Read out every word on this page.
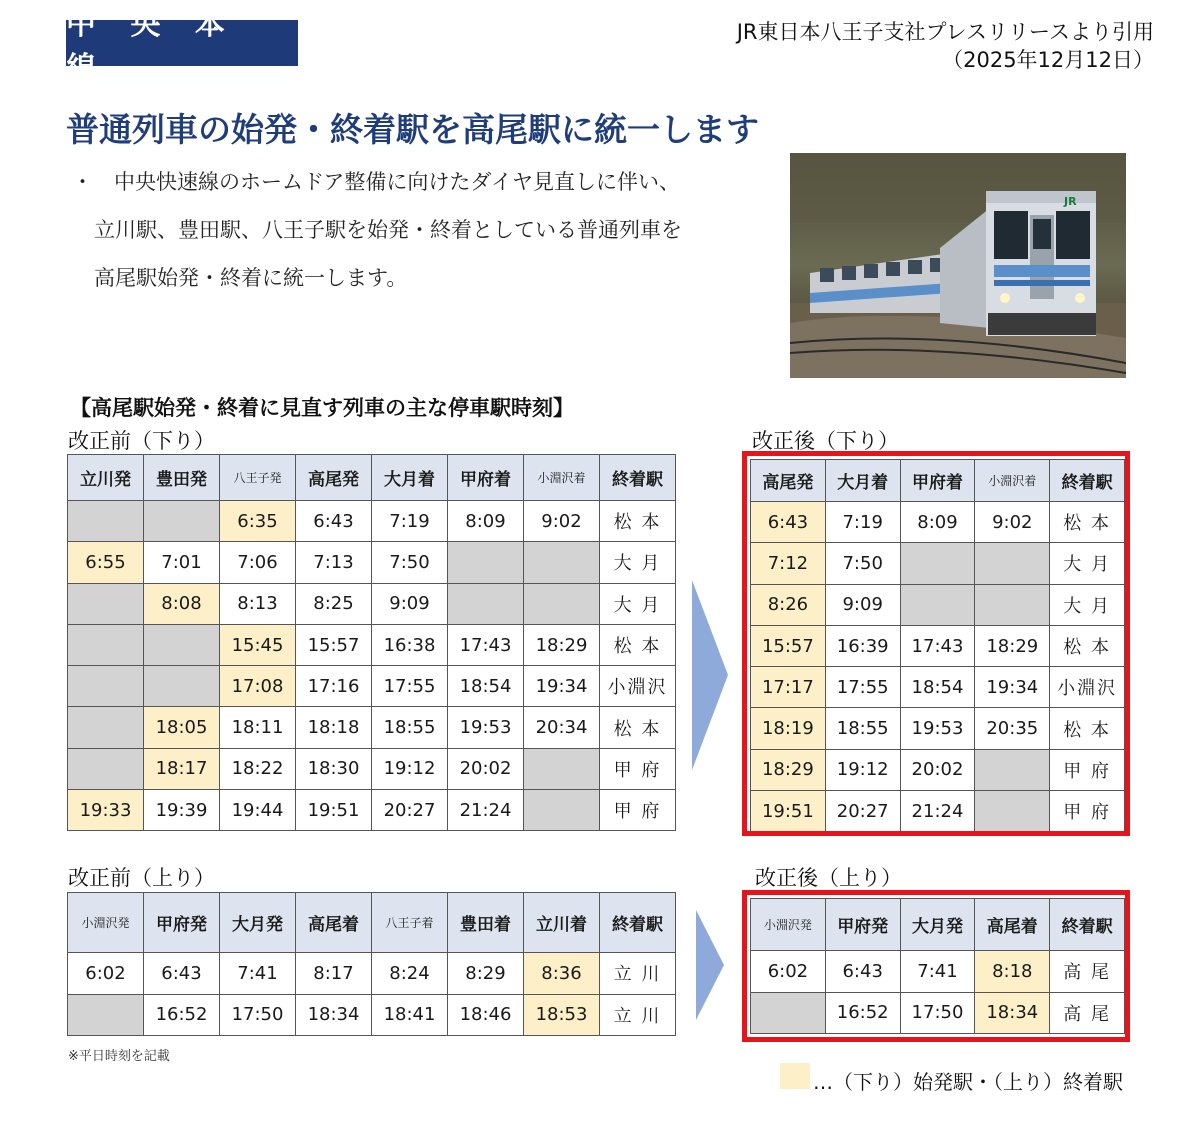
中 央 本 線
JR東日本八王子支社プレスリリースより引用
（2025年12月12日）
普通列車の始発・終着駅を高尾駅に統一します
・ 中央快速線のホームドア整備に向けたダイヤ見直しに伴い、
立川駅、豊田駅、八王子駅を始発・終着としている普通列車を
高尾駅始発・終着に統一します。
JR
【高尾駅始発・終着に見直す列車の主な停車駅時刻】
改正前（下り）	改正後（下り）
改正前（上り）	改正後（上り）
立川発	豊田発	八王子発	高尾発	大月着	甲府着	小淵沢着	終着駅
		6:35	6:43	7:19	8:09	9:02	松 本
6:55	7:01	7:06	7:13	7:50			大 月
	8:08	8:13	8:25	9:09			大 月
		15:45	15:57	16:38	17:43	18:29	松 本
		17:08	17:16	17:55	18:54	19:34	小淵沢
	18:05	18:11	18:18	18:55	19:53	20:34	松 本
	18:17	18:22	18:30	19:12	20:02		甲 府
19:33	19:39	19:44	19:51	20:27	21:24		甲 府
高尾発	大月着	甲府着	小淵沢着	終着駅
6:43	7:19	8:09	9:02	松 本
7:12	7:50			大 月
8:26	9:09			大 月
15:57	16:39	17:43	18:29	松 本
17:17	17:55	18:54	19:34	小淵沢
18:19	18:55	19:53	20:35	松 本
18:29	19:12	20:02		甲 府
19:51	20:27	21:24		甲 府
小淵沢発	甲府発	大月発	高尾着	八王子着	豊田着	立川着	終着駅
6:02	6:43	7:41	8:17	8:24	8:29	8:36	立 川
	16:52	17:50	18:34	18:41	18:46	18:53	立 川
小淵沢発	甲府発	大月発	高尾着	終着駅
6:02	6:43	7:41	8:18	高 尾
	16:52	17:50	18:34	高 尾
※平日時刻を記載
…（下り）始発駅・（上り）終着駅
